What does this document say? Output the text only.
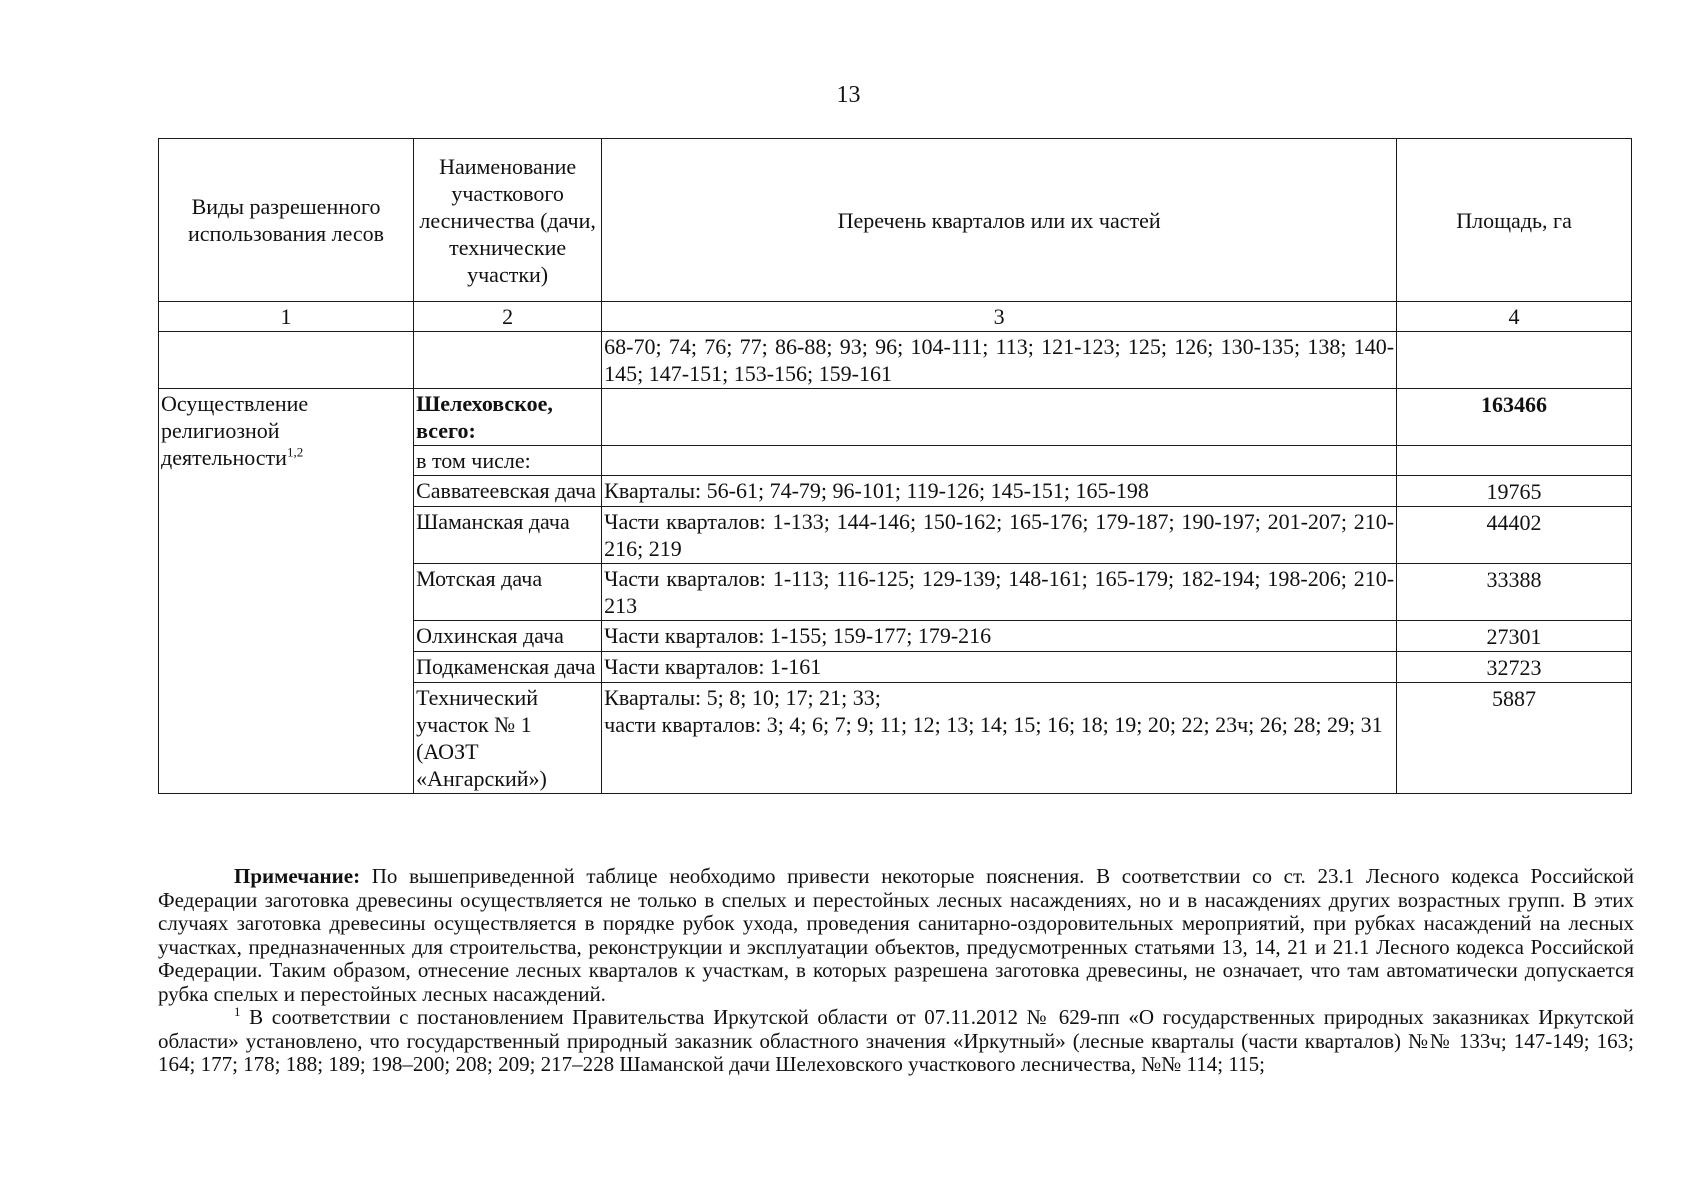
13
Виды разрешенного использования лесов	Наименование участкового лесничества (дачи, технические участки)	Перечень кварталов или их частей	Площадь, га
1	2	3	4
		68-70; 74; 76; 77; 86-88; 93; 96; 104-111; 113; 121-123; 125; 126; 130-135; 138; 140-145; 147-151; 153-156; 159-161	
Осуществление религиозной деятельности$^{1,2}$	Шелеховское, всего:		163466
	в том числе:		
	Савватеевская дача	Кварталы: 56-61; 74-79; 96-101; 119-126; 145-151; 165-198	19765
	Шаманская дача	Части кварталов: 1-133; 144-146; 150-162; 165-176; 179-187; 190-197; 201-207; 210-216; 219	44402
	Мотская дача	Части кварталов: 1-113; 116-125; 129-139; 148-161; 165-179; 182-194; 198-206; 210-213	33388
	Олхинская дача	Части кварталов: 1-155; 159-177; 179-216	27301
	Подкаменская дача	Части кварталов: 1-161	32723
	Технический участок № 1 (АОЗТ «Ангарский»)	Кварталы: 5; 8; 10; 17; 21; 33;
части кварталов: 3; 4; 6; 7; 9; 11; 12; 13; 14; 15; 16; 18; 19; 20; 22; 23ч; 26; 28; 29; 31	5887

Примечание: По вышеприведенной таблице необходимо привести некоторые пояснения. В соответствии со ст. 23.1 Лесного кодекса Российской Федерации заготовка древесины осуществляется не только в спелых и перестойных лесных насаждениях, но и в насаждениях других возрастных групп. В этих случаях заготовка древесины осуществляется в порядке рубок ухода, проведения санитарно-оздоровительных мероприятий, при рубках насаждений на лесных участках, предназначенных для строительства, реконструкции и эксплуатации объектов, предусмотренных статьями 13, 14, 21 и 21.1 Лесного кодекса Российской Федерации. Таким образом, отнесение лесных кварталов к участкам, в которых разрешена заготовка древесины, не означает, что там автоматически допускается рубка спелых и перестойных лесных насаждений.

$^1$ В соответствии с постановлением Правительства Иркутской области от 07.11.2012 № 629-пп «О государственных природных заказниках Иркутской области» установлено, что государственный природный заказник областного значения «Иркутный» (лесные кварталы (части кварталов) №№ 133ч; 147-149; 163; 164; 177; 178; 188; 189; 198–200; 208; 209; 217–228 Шаманской дачи Шелеховского участкового лесничества, №№ 114; 115;
